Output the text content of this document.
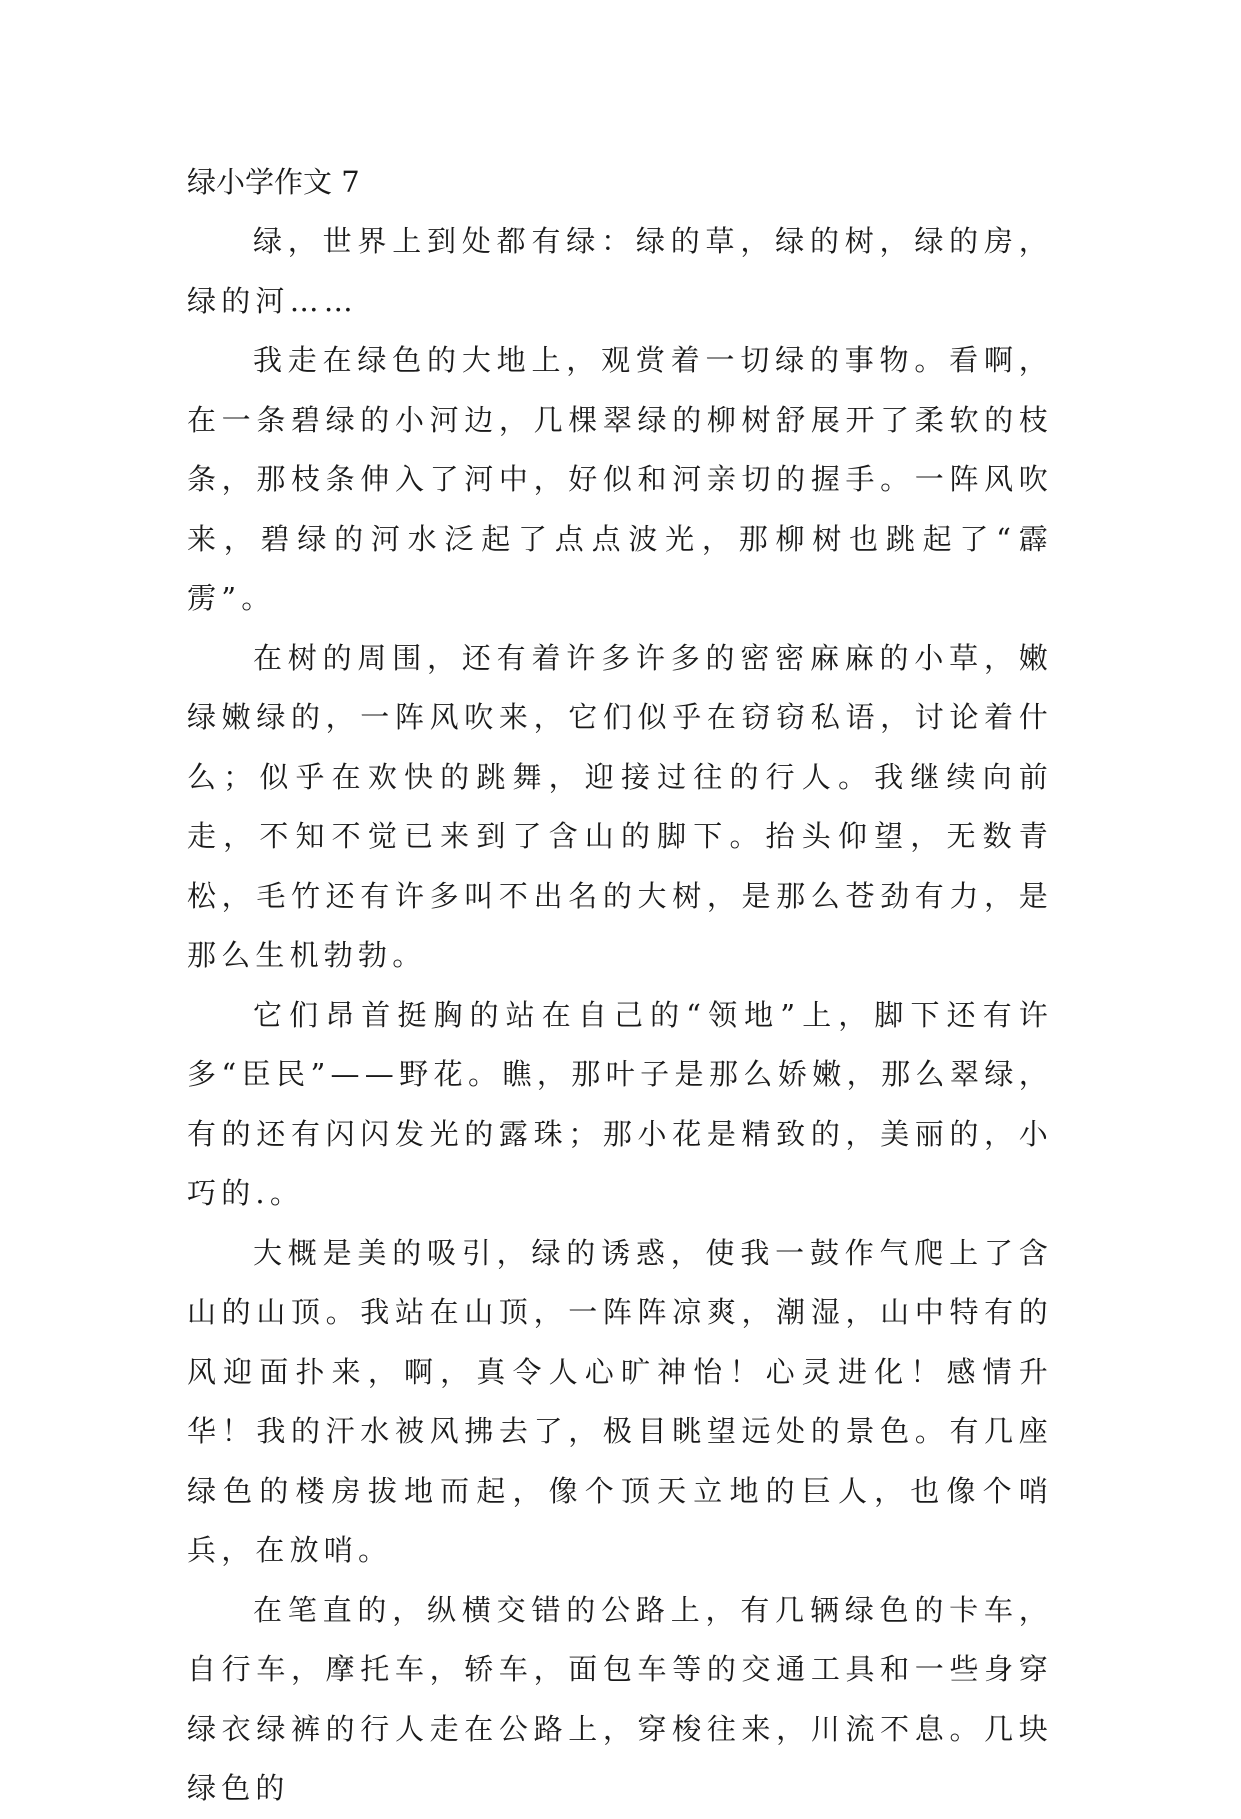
绿小学作文 7

绿，世界上到处都有绿：绿的草，绿的树，绿的房，绿的河……

我走在绿色的大地上，观赏着一切绿的事物。看啊，在一条碧绿的小河边，几棵翠绿的柳树舒展开了柔软的枝条，那枝条伸入了河中，好似和河亲切的握手。一阵风吹来，碧绿的河水泛起了点点波光，那柳树也跳起了“霹雳”。

在树的周围，还有着许多许多的密密麻麻的小草，嫩绿嫩绿的，一阵风吹来，它们似乎在窃窃私语，讨论着什么；似乎在欢快的跳舞，迎接过往的行人。我继续向前走，不知不觉已来到了含山的脚下。抬头仰望，无数青松，毛竹还有许多叫不出名的大树，是那么苍劲有力，是那么生机勃勃。

它们昂首挺胸的站在自己的“领地”上，脚下还有许多“臣民”——野花。瞧，那叶子是那么娇嫩，那么翠绿，有的还有闪闪发光的露珠；那小花是精致的，美丽的，小巧的.。

大概是美的吸引，绿的诱惑，使我一鼓作气爬上了含山的山顶。我站在山顶，一阵阵凉爽，潮湿，山中特有的风迎面扑来，啊，真令人心旷神怡！心灵进化！感情升华！我的汗水被风拂去了，极目眺望远处的景色。有几座绿色的楼房拔地而起，像个顶天立地的巨人，也像个哨兵，在放哨。

在笔直的，纵横交错的公路上，有几辆绿色的卡车，自行车，摩托车，轿车，面包车等的交通工具和一些身穿绿衣绿裤的行人走在公路上，穿梭往来，川流不息。几块绿色的
